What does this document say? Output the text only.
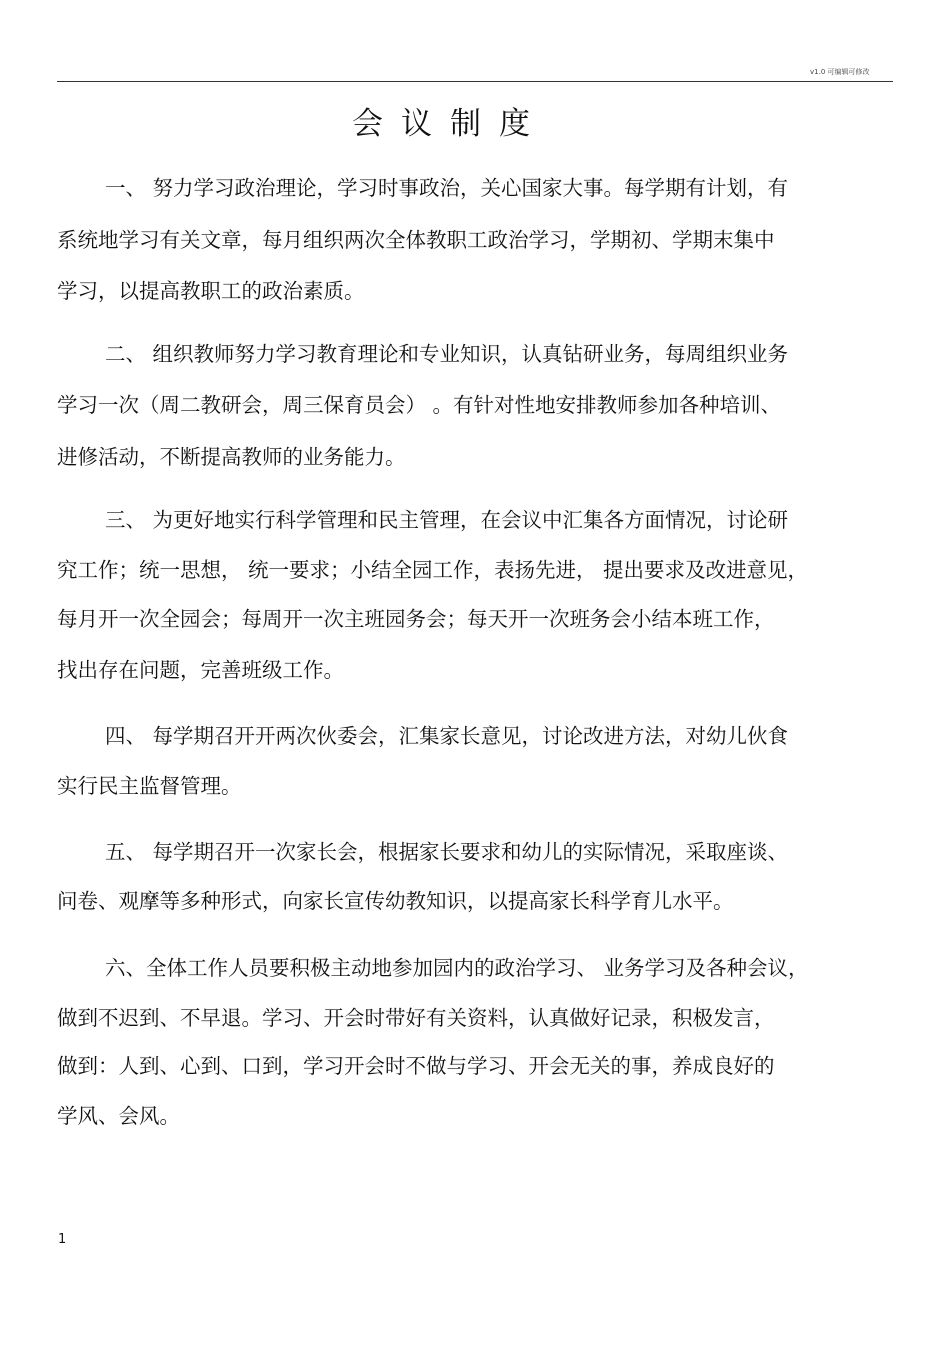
v1.0 可编辑可修改
会议制度
一、 努力学习政治理论，学习时事政治，关心国家大事。每学期有计划，有
系统地学习有关文章，每月组织两次全体教职工政治学习，学期初、学期末集中
学习，以提高教职工的政治素质。
二、 组织教师努力学习教育理论和专业知识，认真钻研业务，每周组织业务
学习一次（周二教研会，周三保育员会） 。有针对性地安排教师参加各种培训、
进修活动，不断提高教师的业务能力。
三、 为更好地实行科学管理和民主管理，在会议中汇集各方面情况，讨论研
究工作；统一思想， 统一要求；小结全园工作，表扬先进， 提出要求及改进意见，
每月开一次全园会；每周开一次主班园务会；每天开一次班务会小结本班工作，
找出存在问题，完善班级工作。
四、 每学期召开开两次伙委会，汇集家长意见，讨论改进方法，对幼儿伙食
实行民主监督管理。
五、 每学期召开一次家长会，根据家长要求和幼儿的实际情况，采取座谈、
问卷、观摩等多种形式，向家长宣传幼教知识，以提高家长科学育儿水平。
六、全体工作人员要积极主动地参加园内的政治学习、 业务学习及各种会议，
做到不迟到、不早退。学习、开会时带好有关资料，认真做好记录，积极发言，
做到：人到、心到、口到，学习开会时不做与学习、开会无关的事，养成良好的
学风、会风。
1
